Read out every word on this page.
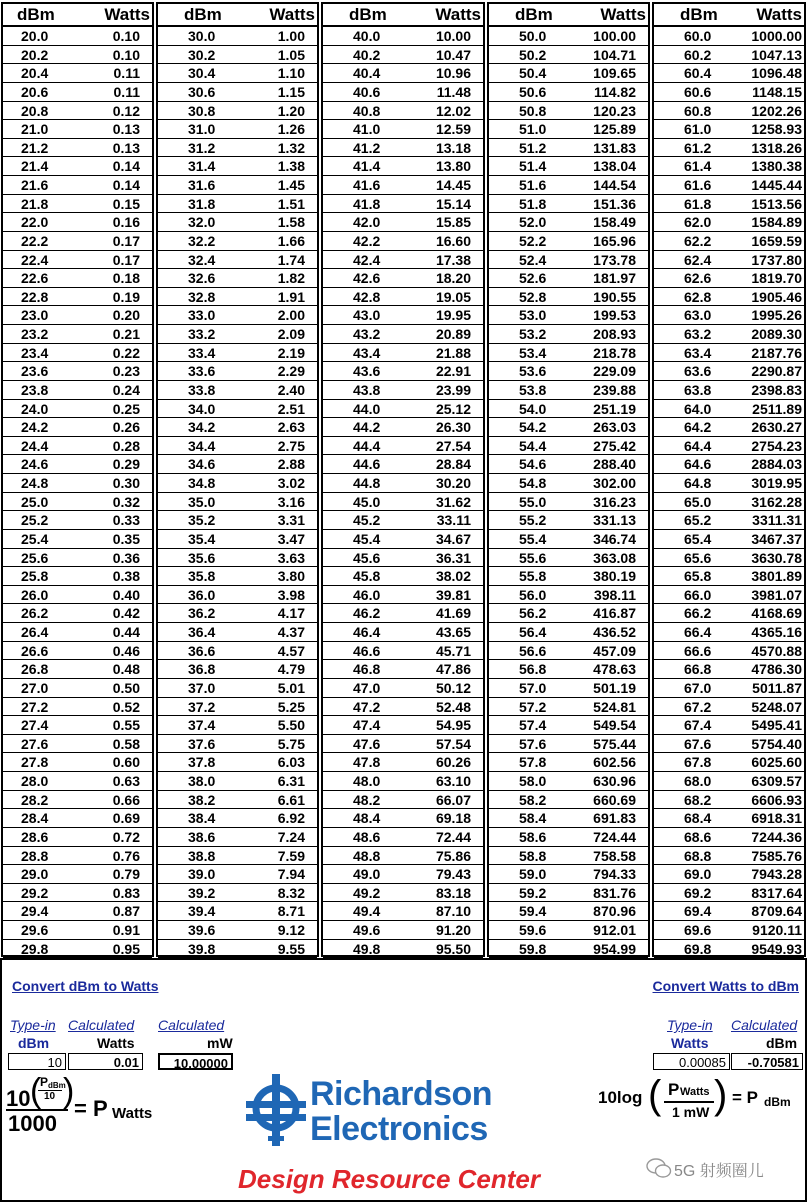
dBm	Watts
20.0	0.10
20.2	0.10
20.4	0.11
20.6	0.11
20.8	0.12
21.0	0.13
21.2	0.13
21.4	0.14
21.6	0.14
21.8	0.15
22.0	0.16
22.2	0.17
22.4	0.17
22.6	0.18
22.8	0.19
23.0	0.20
23.2	0.21
23.4	0.22
23.6	0.23
23.8	0.24
24.0	0.25
24.2	0.26
24.4	0.28
24.6	0.29
24.8	0.30
25.0	0.32
25.2	0.33
25.4	0.35
25.6	0.36
25.8	0.38
26.0	0.40
26.2	0.42
26.4	0.44
26.6	0.46
26.8	0.48
27.0	0.50
27.2	0.52
27.4	0.55
27.6	0.58
27.8	0.60
28.0	0.63
28.2	0.66
28.4	0.69
28.6	0.72
28.8	0.76
29.0	0.79
29.2	0.83
29.4	0.87
29.6	0.91
29.8	0.95
dBm	Watts
30.0	1.00
30.2	1.05
30.4	1.10
30.6	1.15
30.8	1.20
31.0	1.26
31.2	1.32
31.4	1.38
31.6	1.45
31.8	1.51
32.0	1.58
32.2	1.66
32.4	1.74
32.6	1.82
32.8	1.91
33.0	2.00
33.2	2.09
33.4	2.19
33.6	2.29
33.8	2.40
34.0	2.51
34.2	2.63
34.4	2.75
34.6	2.88
34.8	3.02
35.0	3.16
35.2	3.31
35.4	3.47
35.6	3.63
35.8	3.80
36.0	3.98
36.2	4.17
36.4	4.37
36.6	4.57
36.8	4.79
37.0	5.01
37.2	5.25
37.4	5.50
37.6	5.75
37.8	6.03
38.0	6.31
38.2	6.61
38.4	6.92
38.6	7.24
38.8	7.59
39.0	7.94
39.2	8.32
39.4	8.71
39.6	9.12
39.8	9.55
dBm	Watts
40.0	10.00
40.2	10.47
40.4	10.96
40.6	11.48
40.8	12.02
41.0	12.59
41.2	13.18
41.4	13.80
41.6	14.45
41.8	15.14
42.0	15.85
42.2	16.60
42.4	17.38
42.6	18.20
42.8	19.05
43.0	19.95
43.2	20.89
43.4	21.88
43.6	22.91
43.8	23.99
44.0	25.12
44.2	26.30
44.4	27.54
44.6	28.84
44.8	30.20
45.0	31.62
45.2	33.11
45.4	34.67
45.6	36.31
45.8	38.02
46.0	39.81
46.2	41.69
46.4	43.65
46.6	45.71
46.8	47.86
47.0	50.12
47.2	52.48
47.4	54.95
47.6	57.54
47.8	60.26
48.0	63.10
48.2	66.07
48.4	69.18
48.6	72.44
48.8	75.86
49.0	79.43
49.2	83.18
49.4	87.10
49.6	91.20
49.8	95.50
dBm	Watts
50.0	100.00
50.2	104.71
50.4	109.65
50.6	114.82
50.8	120.23
51.0	125.89
51.2	131.83
51.4	138.04
51.6	144.54
51.8	151.36
52.0	158.49
52.2	165.96
52.4	173.78
52.6	181.97
52.8	190.55
53.0	199.53
53.2	208.93
53.4	218.78
53.6	229.09
53.8	239.88
54.0	251.19
54.2	263.03
54.4	275.42
54.6	288.40
54.8	302.00
55.0	316.23
55.2	331.13
55.4	346.74
55.6	363.08
55.8	380.19
56.0	398.11
56.2	416.87
56.4	436.52
56.6	457.09
56.8	478.63
57.0	501.19
57.2	524.81
57.4	549.54
57.6	575.44
57.8	602.56
58.0	630.96
58.2	660.69
58.4	691.83
58.6	724.44
58.8	758.58
59.0	794.33
59.2	831.76
59.4	870.96
59.6	912.01
59.8	954.99
dBm Watts
60.0	1000.00
60.2	1047.13
60.4	1096.48
60.6	1148.15
60.8	1202.26
61.0	1258.93
61.2	1318.26
61.4	1380.38
61.6	1445.44
61.8	1513.56
62.0	1584.89
62.2	1659.59
62.4	1737.80
62.6	1819.70
62.8	1905.46
63.0	1995.26
63.2	2089.30
63.4	2187.76
63.6	2290.87
63.8	2398.83
64.0	2511.89
64.2	2630.27
64.4	2754.23
64.6	2884.03
64.8	3019.95
65.0	3162.28
65.2	3311.31
65.4	3467.37
65.6	3630.78
65.8	3801.89
66.0	3981.07
66.2	4168.69
66.4	4365.16
66.6	4570.88
66.8	4786.30
67.0	5011.87
67.2	5248.07
67.4	5495.41
67.6	5754.40
67.8	6025.60
68.0	6309.57
68.2	6606.93
68.4	6918.31
68.6	7244.36
68.8	7585.76
69.0	7943.28
69.2	8317.64
69.4	8709.64
69.6	9120.11
69.8	9549.93
Convert dBm to Watts
Type-in Calculated Calculated
dBm	Watts	mW
10	0.01	10.00000
10 (
P dBm
10 )
1000
= P Watts
Richardson
Electronics
Design Resource Center
Convert Watts to dBm
Type-in Calculated
Watts	dBm
0.00085	-0.70581
10log ( P Watts
1 mW ) = P dBm
5G 射频圈儿
